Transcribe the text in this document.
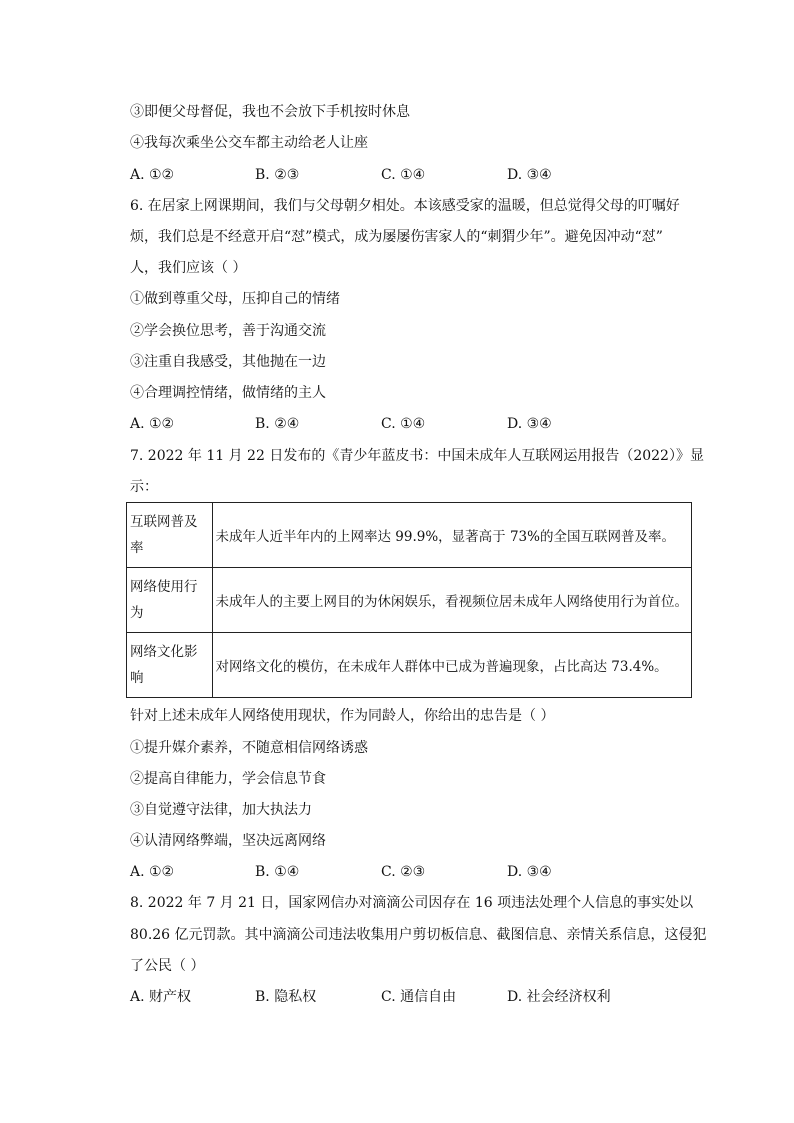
③即便父母督促，我也不会放下手机按时休息
④我每次乘坐公交车都主动给老人让座
A. ①②	B. ②③	C. ①④	D. ③④
6. 在居家上网课期间，我们与父母朝夕相处。本该感受家的温暖，但总觉得父母的叮嘱好
烦，我们总是不经意开启“怼”模式，成为屡屡伤害家人的“刺猬少年”。避免因冲动“怼”
人，我们应该（ ）
①做到尊重父母，压抑自己的情绪
②学会换位思考，善于沟通交流
③注重自我感受，其他抛在一边
④合理调控情绪，做情绪的主人
A. ①②	B. ②④	C. ①④	D. ③④
7. 2022 年 11 月 22 日发布的《青少年蓝皮书：中国未成年人互联网运用报告（2022）》显
示：
互联网普及率	未成年人近半年内的上网率达 99.9%，显著高于 73%的全国互联网普及率。
网络使用行为	未成年人的主要上网目的为休闲娱乐，看视频位居未成年人网络使用行为首位。
网络文化影响	对网络文化的模仿，在未成年人群体中已成为普遍现象，占比高达 73.4%。
针对上述未成年人网络使用现状，作为同龄人，你给出的忠告是（ ）
①提升媒介素养，不随意相信网络诱惑
②提高自律能力，学会信息节食
③自觉遵守法律，加大执法力
④认清网络弊端，坚决远离网络
A. ①②	B. ①④	C. ②③	D. ③④
8. 2022 年 7 月 21 日，国家网信办对滴滴公司因存在 16 项违法处理个人信息的事实处以
80.26 亿元罚款。其中滴滴公司违法收集用户剪切板信息、截图信息、亲情关系信息，这侵犯
了公民（ ）
A. 财产权	B. 隐私权	C. 通信自由	D. 社会经济权利
